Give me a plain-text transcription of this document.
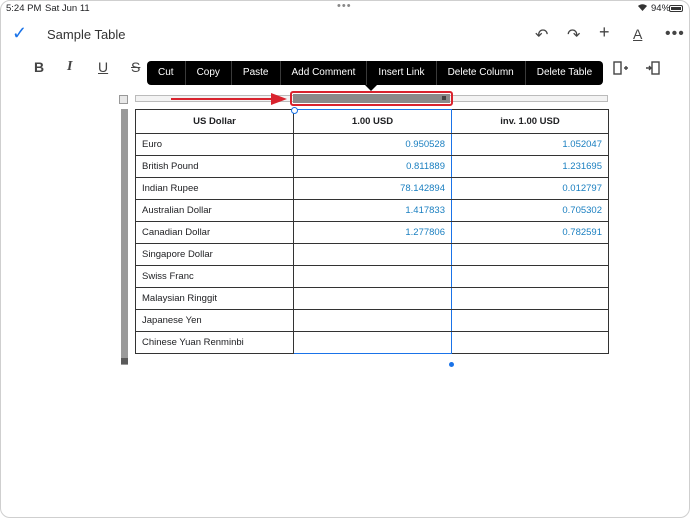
5:24 PM Sat Jun 11	•••	94%
✓ Sample Table	↶ ↷ + A •••
B I U S	Cut	Copy	Paste	Add Comment	Insert Link	Delete Column	Delete Table
US Dollar	1.00 USD	inv. 1.00 USD
Euro	0.950528	1.052047
British Pound	0.811889	1.231695
Indian Rupee	78.142894	0.012797
Australian Dollar	1.417833	0.705302
Canadian Dollar	1.277806	0.782591
Singapore Dollar		
Swiss Franc		
Malaysian Ringgit		
Japanese Yen		
Chinese Yuan Renminbi		
